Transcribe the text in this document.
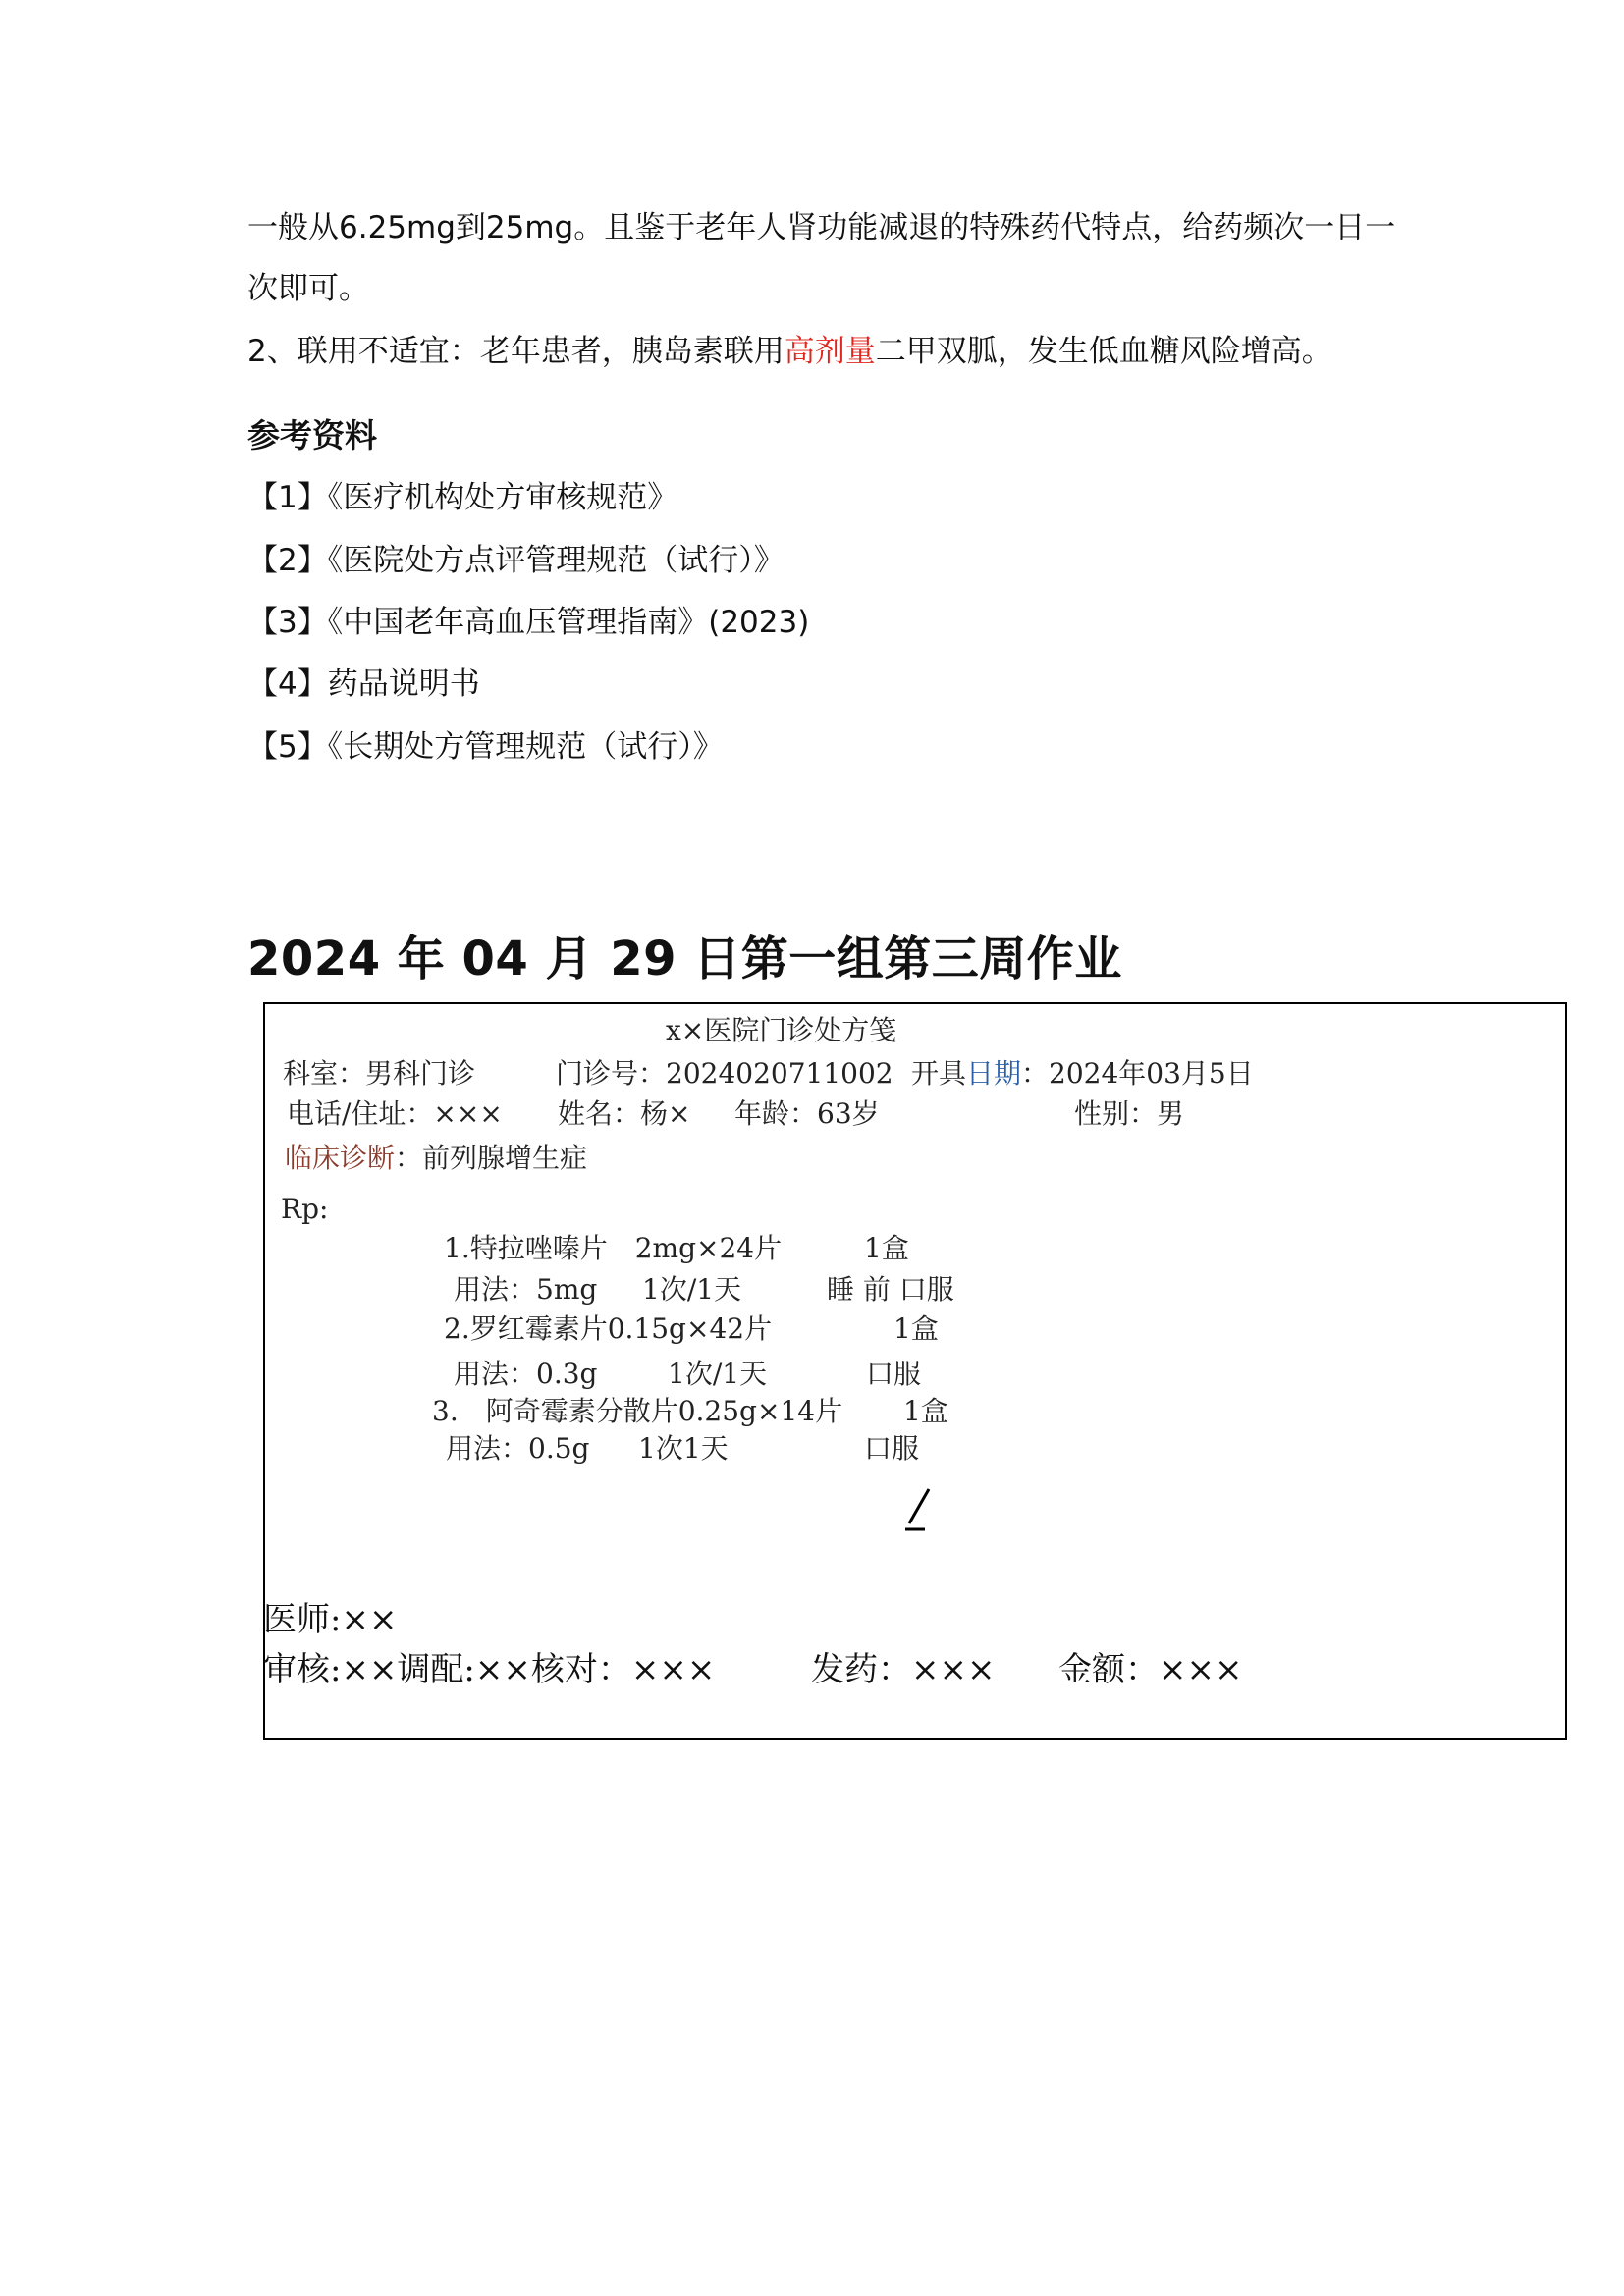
一般从6.25mg到25mg。且鉴于老年人肾功能减退的特殊药代特点，给药频次一日一
次即可。
2、联用不适宜：老年患者，胰岛素联用高剂量二甲双胍，发生低血糖风险增高。
参考资料
【1】《医疗机构处方审核规范》
【2】《医院处方点评管理规范（试行）》
【3】《中国老年高血压管理指南》(2023)
【4】药品说明书
【5】《长期处方管理规范（试行）》
2024 年 04 月 29 日第一组第三周作业
x×医院门诊处方笺
科室：男科门诊	门诊号：2024020711002 开具日期：2024年03月5日
电话/住址：××× 姓名：杨× 年龄：63岁	性别：男
临床诊断：前列腺增生症
Rp:
1.特拉唑嗪片　2mg×24片	1盒
用法：5mg 1次/1天	睡 前 口服
2.罗红霉素片0.15g×42片	1盒
用法：0.3g	1次/1天	口服
3.　阿奇霉素分散片0.25g×14片 1盒
用法：0.5g 1次1天	口服
医师:××
审核:××调配:××核对：×××	发药：××× 金额：×××
